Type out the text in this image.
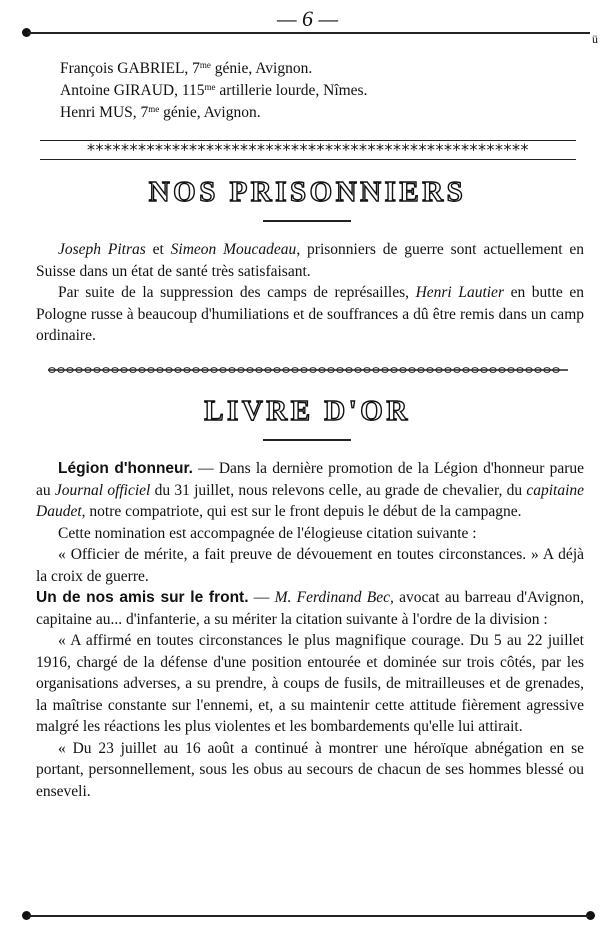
— 6 —
ü
François GABRIEL, $7^{me}$ génie, Avignon.
Antoine GIRAUD, $115^{me}$ artillerie lourde, Nîmes.
Henri MUS, $7^{me}$ génie, Avignon.
****************************************************
NOS PRISONNIERS

Joseph Pitras et Simeon Moucadeau, prisonniers de guerre sont actuellement en Suisse dans un état de santé très satisfaisant.

Par suite de la suppression des camps de représailles, Henri Lautier en butte en Pologne russe à beaucoup d'humiliations et de souffrances a dû être remis dans un camp ordinaire.

LIVRE D'OR

Légion d'honneur. — Dans la dernière promotion de la Légion d'honneur parue au Journal officiel du 31 juillet, nous relevons celle, au grade de chevalier, du capitaine Daudet, notre compatriote, qui est sur le front depuis le début de la campagne.

Cette nomination est accompagnée de l'élogieuse citation suivante :

« Officier de mérite, a fait preuve de dévouement en toutes circonstances. » A déjà la croix de guerre.

Un de nos amis sur le front. — M. Ferdinand Bec, avocat au barreau d'Avignon, capitaine au... d'infanterie, a su mériter la citation suivante à l'ordre de la division :

« A affirmé en toutes circonstances le plus magnifique courage. Du 5 au 22 juillet 1916, chargé de la défense d'une position entourée et dominée sur trois côtés, par les organisations adverses, a su prendre, à coups de fusils, de mitrailleuses et de grenades, la maîtrise constante sur l'ennemi, et, a su maintenir cette attitude fièrement agressive malgré les réactions les plus violentes et les bombardements qu'elle lui attirait.

« Du 23 juillet au 16 août a continué à montrer une héroïque abnégation en se portant, personnellement, sous les obus au secours de chacun de ses hommes blessé ou enseveli.
